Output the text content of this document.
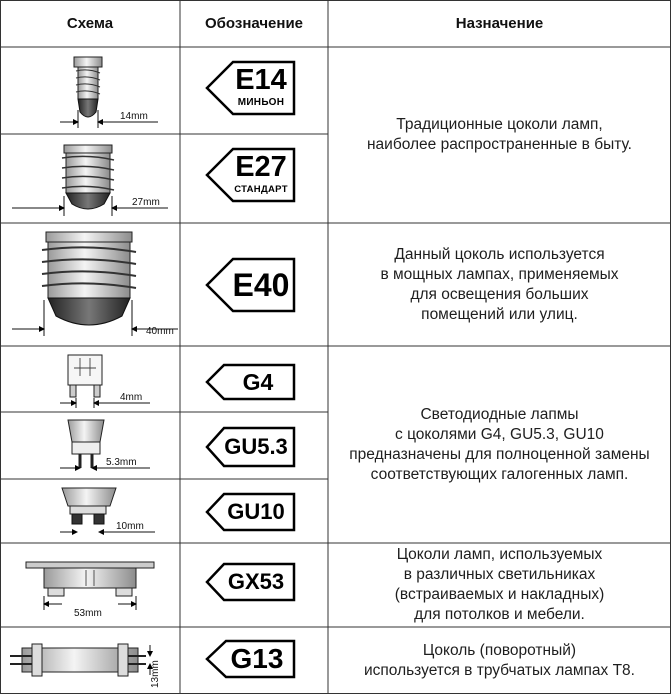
Схема	Обозначение	Назначение
14mm
27mm
40mm
4mm
5.3mm
10mm
53mm
13mm
E14
МИНЬОН
E27
СТАНДАРТ
E40
G4
GU5.3
GU10
GX53
G13
Традиционные цоколи ламп,
наиболее распространенные в быту.
Данный цоколь используется
в мощных лампах, применяемых
для освещения больших
помещений или улиц.
Светодиодные лапмы
с цоколями G4, GU5.3, GU10
предназначены для полноценной замены
соответствующих галогенных ламп.
Цоколи ламп, используемых
в различных светильниках
(встраиваемых и накладных)
для потолков и мебели.
Цоколь (поворотный)
используется в трубчатых лампах Т8.
